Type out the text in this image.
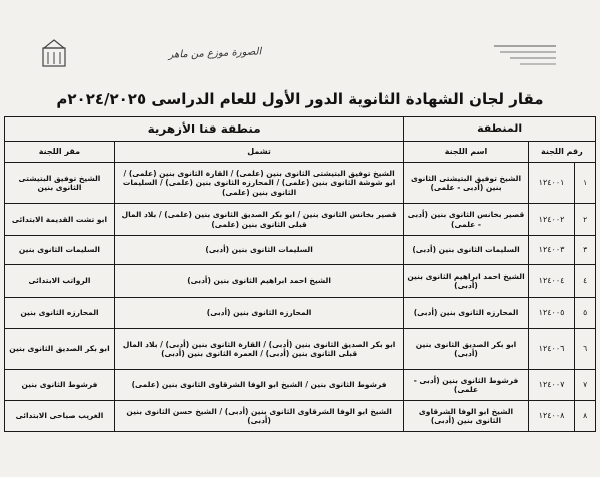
الصورة موزع من ماهر
مقار لجان الشهادة الثانوية الدور الأول للعام الدراسى ٢٠٢٤/٢٠٢٥م
المنطقة			منطقة قنا الأزهرية	
رقم اللجنة		اسم اللجنة	تشمل	مقر اللجنة
١	١٢٤٠٠١	الشيخ توفيق البتيشتى الثانوى بنين (أدبى - علمى)	الشيخ توفيق البتيشتى الثانوى بنين (علمى) / القارة الثانوى بنين (علمى) / ابو شوشة الثانوى بنين (علمى) / المحارزه الثانوى بنين (علمى) / السليمات الثانوى بنين (علمى)	الشيخ توفيق البتيشتى الثانوى بنين
٢	١٢٤٠٠٢	قصير بخانس الثانوى بنين (أدبى - علمى)	قصير بخانس الثانوى بنين / ابو بكر الصديق الثانوى بنين (علمى) / بلاد المال قبلى الثانوى بنين (علمى)	ابو تشت القديمة الابتدائى
٣	١٢٤٠٠٣	السليمات الثانوى بنين (أدبى)	السليمات الثانوى بنين (أدبى)	السليمات الثانوى بنين
٤	١٢٤٠٠٤	الشيخ احمد ابراهيم الثانوى بنين (أدبى)	الشيخ احمد ابراهيم الثانوى بنين (أدبى)	الرواتب الابتدائى
٥	١٢٤٠٠٥	المحارزه الثانوى بنين (أدبى)	المحارزه الثانوى بنين (أدبى)	المحارزه الثانوى بنين
٦	١٢٤٠٠٦	ابو بكر الصديق الثانوى بنين (أدبى)	ابو بكر الصديق الثانوى بنين (أدبى) / القارة الثانوى بنين (أدبى) / بلاد المال قبلى الثانوى بنين (أدبى) / العمرة الثانوى بنين (أدبى)	ابو بكر الصديق الثانوى بنين
٧	١٢٤٠٠٧	فرشوط الثانوى بنين (أدبى - علمى)	فرشوط الثانوى بنين / الشيخ ابو الوفا الشرقاوى الثانوى بنين (علمى)	فرشوط الثانوى بنين
٨	١٢٤٠٠٨	الشيخ ابو الوفا الشرقاوى الثانوى بنين (أدبى)	الشيخ ابو الوفا الشرقاوى الثانوى بنين (أدبى) / الشيخ حسن الثانوى بنين (أدبى)	الغريب صباحى الابتدائى
